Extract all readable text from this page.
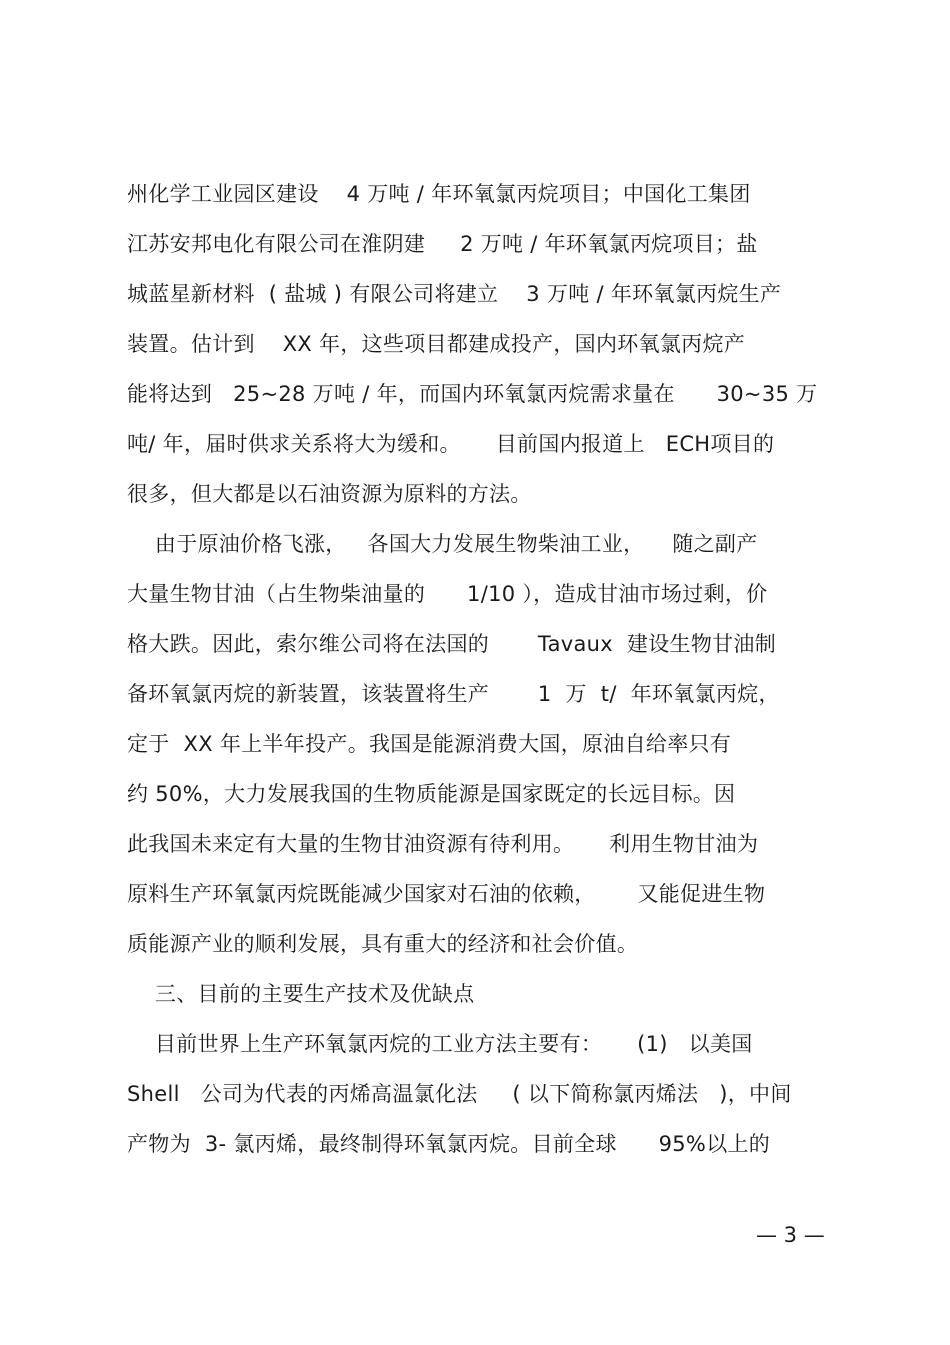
州化学工业园区建设    4 万吨 / 年环氧氯丙烷项目；中国化工集团
江苏安邦电化有限公司在淮阴建     2 万吨 / 年环氧氯丙烷项目；盐
城蓝星新材料  ( 盐城 ) 有限公司将建立    3 万吨 / 年环氧氯丙烷生产
装置。估计到    XX 年，这些项目都建成投产，国内环氧氯丙烷产
能将达到   25~28 万吨 / 年，而国内环氧氯丙烷需求量在      30~35 万
吨/ 年，届时供求关系将大为缓和。     目前国内报道上   ECH项目的
很多，但大都是以石油资源为原料的方法。
由于原油价格飞涨，   各国大力发展生物柴油工业，    随之副产
大量生物甘油（占生物柴油量的      1/10 ），造成甘油市场过剩，价
格大跌。因此，索尔维公司将在法国的       Tavaux  建设生物甘油制
备环氧氯丙烷的新装置，该装置将生产       1  万  t/  年环氧氯丙烷，
定于  XX 年上半年投产。我国是能源消费大国，原油自给率只有
约 50%，大力发展我国的生物质能源是国家既定的长远目标。因
此我国未来定有大量的生物甘油资源有待利用。     利用生物甘油为
原料生产环氧氯丙烷既能减少国家对石油的依赖，      又能促进生物
质能源产业的顺利发展，具有重大的经济和社会价值。
三、目前的主要生产技术及优缺点
目前世界上生产环氧氯丙烷的工业方法主要有：     (1)   以美国
Shell   公司为代表的丙烯高温氯化法     ( 以下简称氯丙烯法   )，中间
产物为  3- 氯丙烯，最终制得环氧氯丙烷。目前全球      95%以上的
— 3 —
